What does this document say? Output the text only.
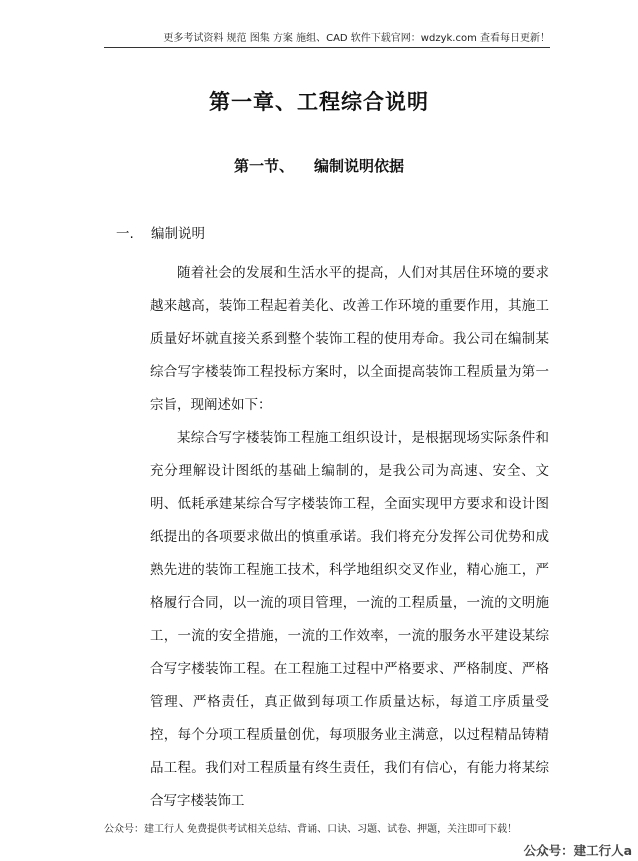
更多考试资料 规范 图集 方案 施组、CAD 软件下载官网：wdzyk.com 查看每日更新！
第一章、工程综合说明
第一节、 编制说明依据
一. 编制说明

随着社会的发展和生活水平的提高，人们对其居住环境的要求越来越高，装饰工程起着美化、改善工作环境的重要作用，其施工质量好坏就直接关系到整个装饰工程的使用寿命。我公司在编制某综合写字楼装饰工程投标方案时，以全面提高装饰工程质量为第一宗旨，现阐述如下：

某综合写字楼装饰工程施工组织设计，是根据现场实际条件和充分理解设计图纸的基础上编制的，是我公司为高速、安全、文明、低耗承建某综合写字楼装饰工程，全面实现甲方要求和设计图纸提出的各项要求做出的慎重承诺。我们将充分发挥公司优势和成熟先进的装饰工程施工技术，科学地组织交叉作业，精心施工，严格履行合同，以一流的项目管理，一流的工程质量，一流的文明施工，一流的安全措施，一流的工作效率，一流的服务水平建设某综合写字楼装饰工程。在工程施工过程中严格要求、严格制度、严格管理、严格责任，真正做到每项工作质量达标，每道工序质量受控，每个分项工程质量创优，每项服务业主满意，以过程精品铸精品工程。我们对工程质量有终生责任，我们有信心，有能力将某综合写字楼装饰工

公众号：建工行人 免费提供考试相关总结、背诵、口诀、习题、试卷、押题，关注即可下载！
公众号：建工行人a
